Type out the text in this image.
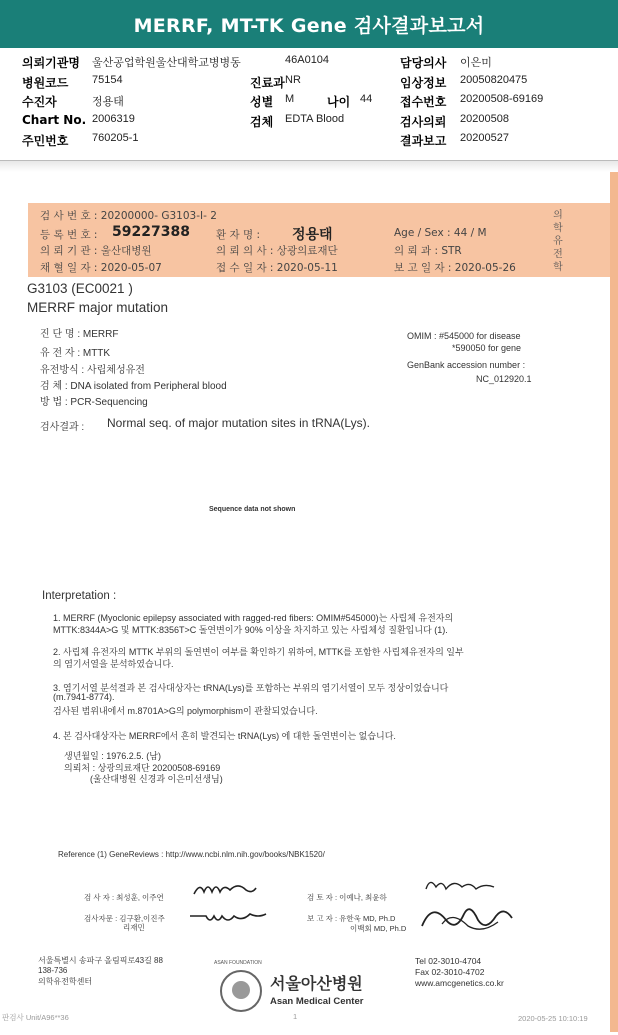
MERRF, MT-TK Gene 검사결과보고서
의뢰기관명 울산공업학원울산대학교병병동	46A0104	담당의사 이은미
병원코드 75154	진료과 NR	임상정보 20050820475
수진자	정용태	성별 M	나이 44 접수번호 20200508-69169
Chart No. 2006319	검체 EDTA Blood	검사의뢰 20200508
주민번호 760205-1	결과보고 20200527
검 사 번 호 : 20200000- G3103-I- 2
등 록 번 호 : 59227388 환 자 명 : 정용태	Age / Sex : 44 / M
의 뢰 기 관 : 울산대병원	의 뢰 의 사 : 상광의료재단	의 뢰 과 : STR
채 혈 일 자 : 2020-05-07	접 수 일 자 : 2020-05-11	보 고 일 자 : 2020-05-26
의학유전학
G3103 (EC0021 )
MERRF major mutation
진 단 명 : MERRF
유 전 자 : MTTK
유전방식 : 사립체성유전
검 체 : DNA isolated from Peripheral blood
방 법 : PCR-Sequencing
OMIM : #545000 for disease
*590050 for gene
GenBank accession number :
NC_012920.1
검사결과 : Normal seq. of major mutation sites in tRNA(Lys).
Sequence data not shown
Interpretation :
1. MERRF (Myoclonic epilepsy associated with ragged-red fibers: OMIM#545000)는 사립체 유전자의
MTTK:8344A>G 및 MTTK:8356T>C 돌연변이가 90% 이상을 차지하고 있는 사립체성 질환입니다 (1).
2. 사립체 유전자의 MTTK 부위의 돌연변이 여부를 확인하기 위하여, MTTK를 포함한 사립체유전자의 일부
의 염기서열을 분석하였습니다.
3. 염기서열 분석결과 본 검사대상자는 tRNA(Lys)를 포함하는 부위의 염기서열이 모두 정상이었습니다
(m.7941-8774).
검사된 범위내에서 m.8701A>G의 polymorphism이 관찰되었습니다.
4. 본 검사대상자는 MERRF에서 흔히 발견되는 tRNA(Lys) 에 대한 돌연변이는 없습니다.
생년월일 : 1976.2.5. (남)
의뢰처 : 상광의료재단 20200508-69169
(울산대병원 신경과 이은미선생님)
Reference (1) GeneReviews : http://www.ncbi.nlm.nih.gov/books/NBK1520/
검 사 자 : 최성훈, 이주연	검 토 자 : 이예나, 최윤하
검사자문 : 김구환,이진주
리재민
보 고 자 : 유한욱 MD, Ph.D
이백회 MD, Ph.D
서울특별시 송파구 올림픽로43길 88
138-736
의학유전학센터
ASAN FOUNDATION
서울아산병원
Asan Medical Center
Tel 02-3010-4704
Fax 02-3010-4702
www.amcgenetics.co.kr
판검사 Unit/A96**36	1	2020-05-25 10:10:19
